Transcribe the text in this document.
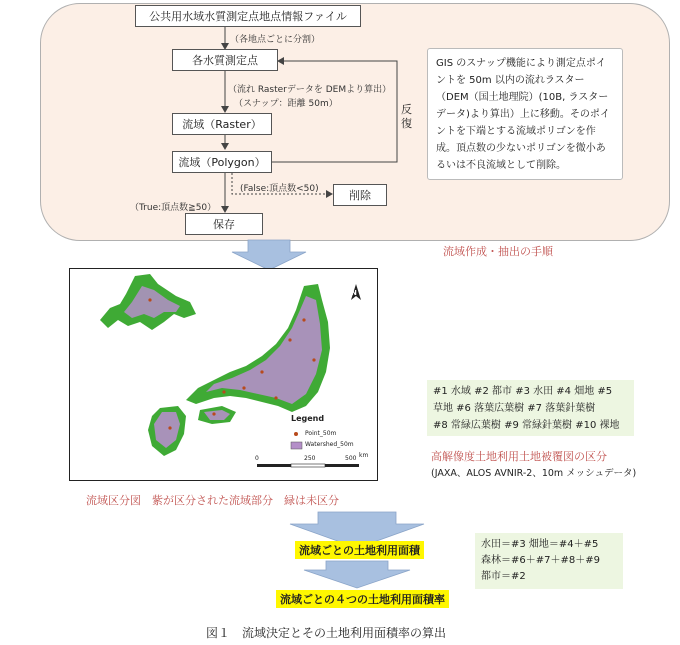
公共用水域水質測定点地点情報ファイル
（各地点ごとに分割）
各水質測定点
（流れ Rasterデータを DEMより算出）
（スナップ：距離 50m）
流域（Raster）
反復
流域（Polygon）
(False:頂点数<50)	削除
（True:頂点数≧50）
保存
GIS のスナップ機能により測定点ポイントを 50m 以内の流れラスター（DEM（国土地理院）(10B, ラスターデータ)より算出）上に移動。そのポイントを下端とする流域ポリゴンを作成。頂点数の少ないポリゴンを微小あるいは不良流域として削除。
流域作成・抽出の手順
N
Legend
Point_50m
Watershed_50m
0	250	500 km
流域区分図　紫が区分された流域部分　緑は未区分
#1 水域 #2 都市 #3 水田 #4 畑地 #5
草地 #6 落葉広葉樹 #7 落葉針葉樹
#8 常緑広葉樹 #9 常緑針葉樹 #10 裸地
高解像度土地利用土地被覆図の区分
(JAXA、ALOS AVNIR-2、10m メッシュデータ)
流域ごとの土地利用面積	水田＝#3 畑地＝#4＋#5
森林＝#6＋#7＋#8＋#9
都市＝#2
流域ごとの４つの土地利用面積率
図１　流域決定とその土地利用面積率の算出
